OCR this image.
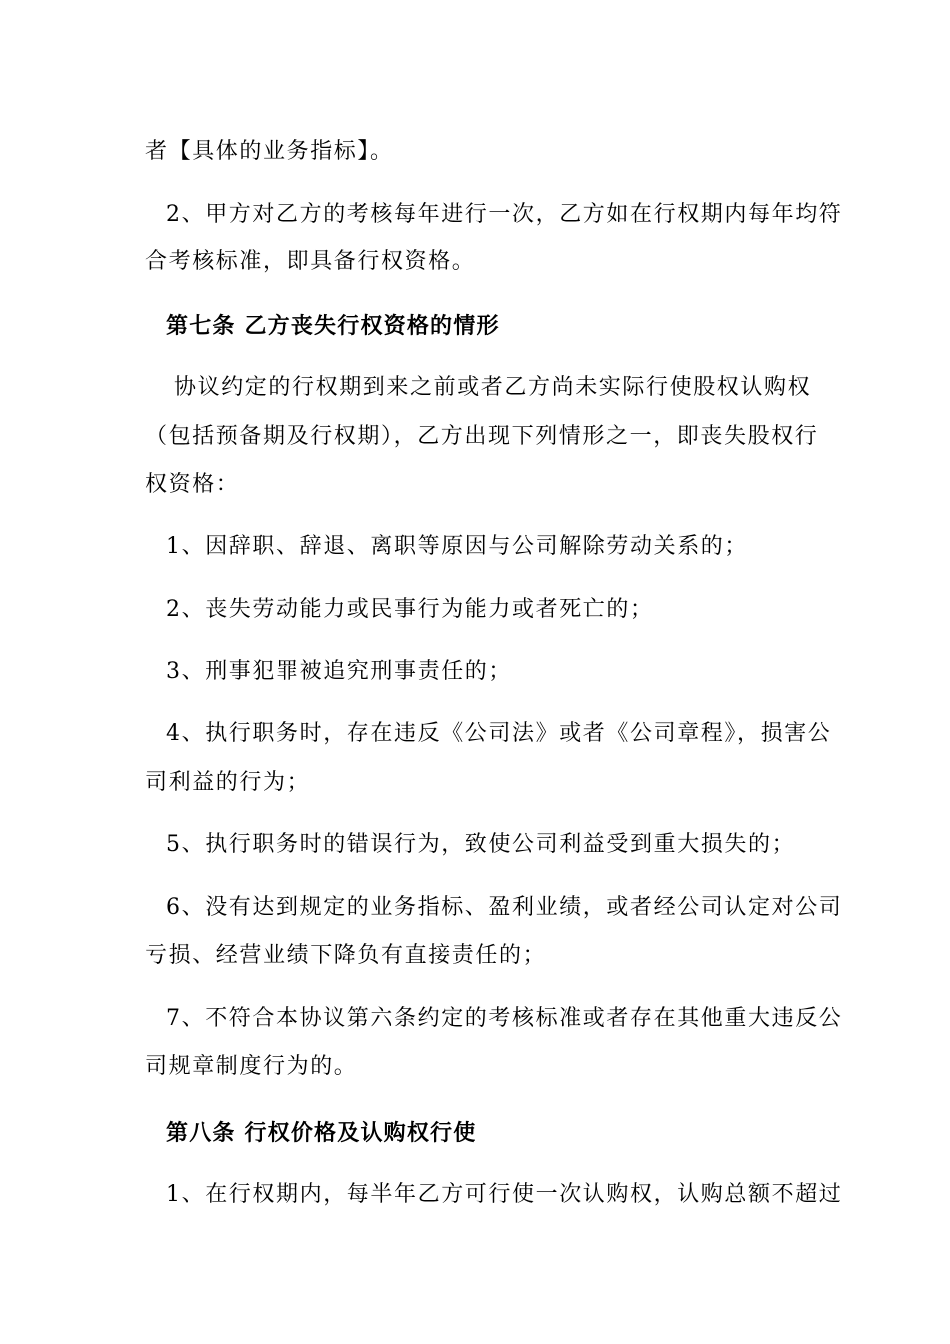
者【具体的业务指标】。
2、甲方对乙方的考核每年进行一次，乙方如在行权期内每年均符
合考核标准，即具备行权资格。
第七条 乙方丧失行权资格的情形
协议约定的行权期到来之前或者乙方尚未实际行使股权认购权
（包括预备期及行权期），乙方出现下列情形之一，即丧失股权行
权资格：
1、因辞职、辞退、离职等原因与公司解除劳动关系的；
2、丧失劳动能力或民事行为能力或者死亡的；
3、刑事犯罪被追究刑事责任的；
4、执行职务时，存在违反《公司法》或者《公司章程》，损害公
司利益的行为；
5、执行职务时的错误行为，致使公司利益受到重大损失的；
6、没有达到规定的业务指标、盈利业绩，或者经公司认定对公司
亏损、经营业绩下降负有直接责任的；
7、不符合本协议第六条约定的考核标准或者存在其他重大违反公
司规章制度行为的。
第八条 行权价格及认购权行使
1、在行权期内，每半年乙方可行使一次认购权，认购总额不超过
